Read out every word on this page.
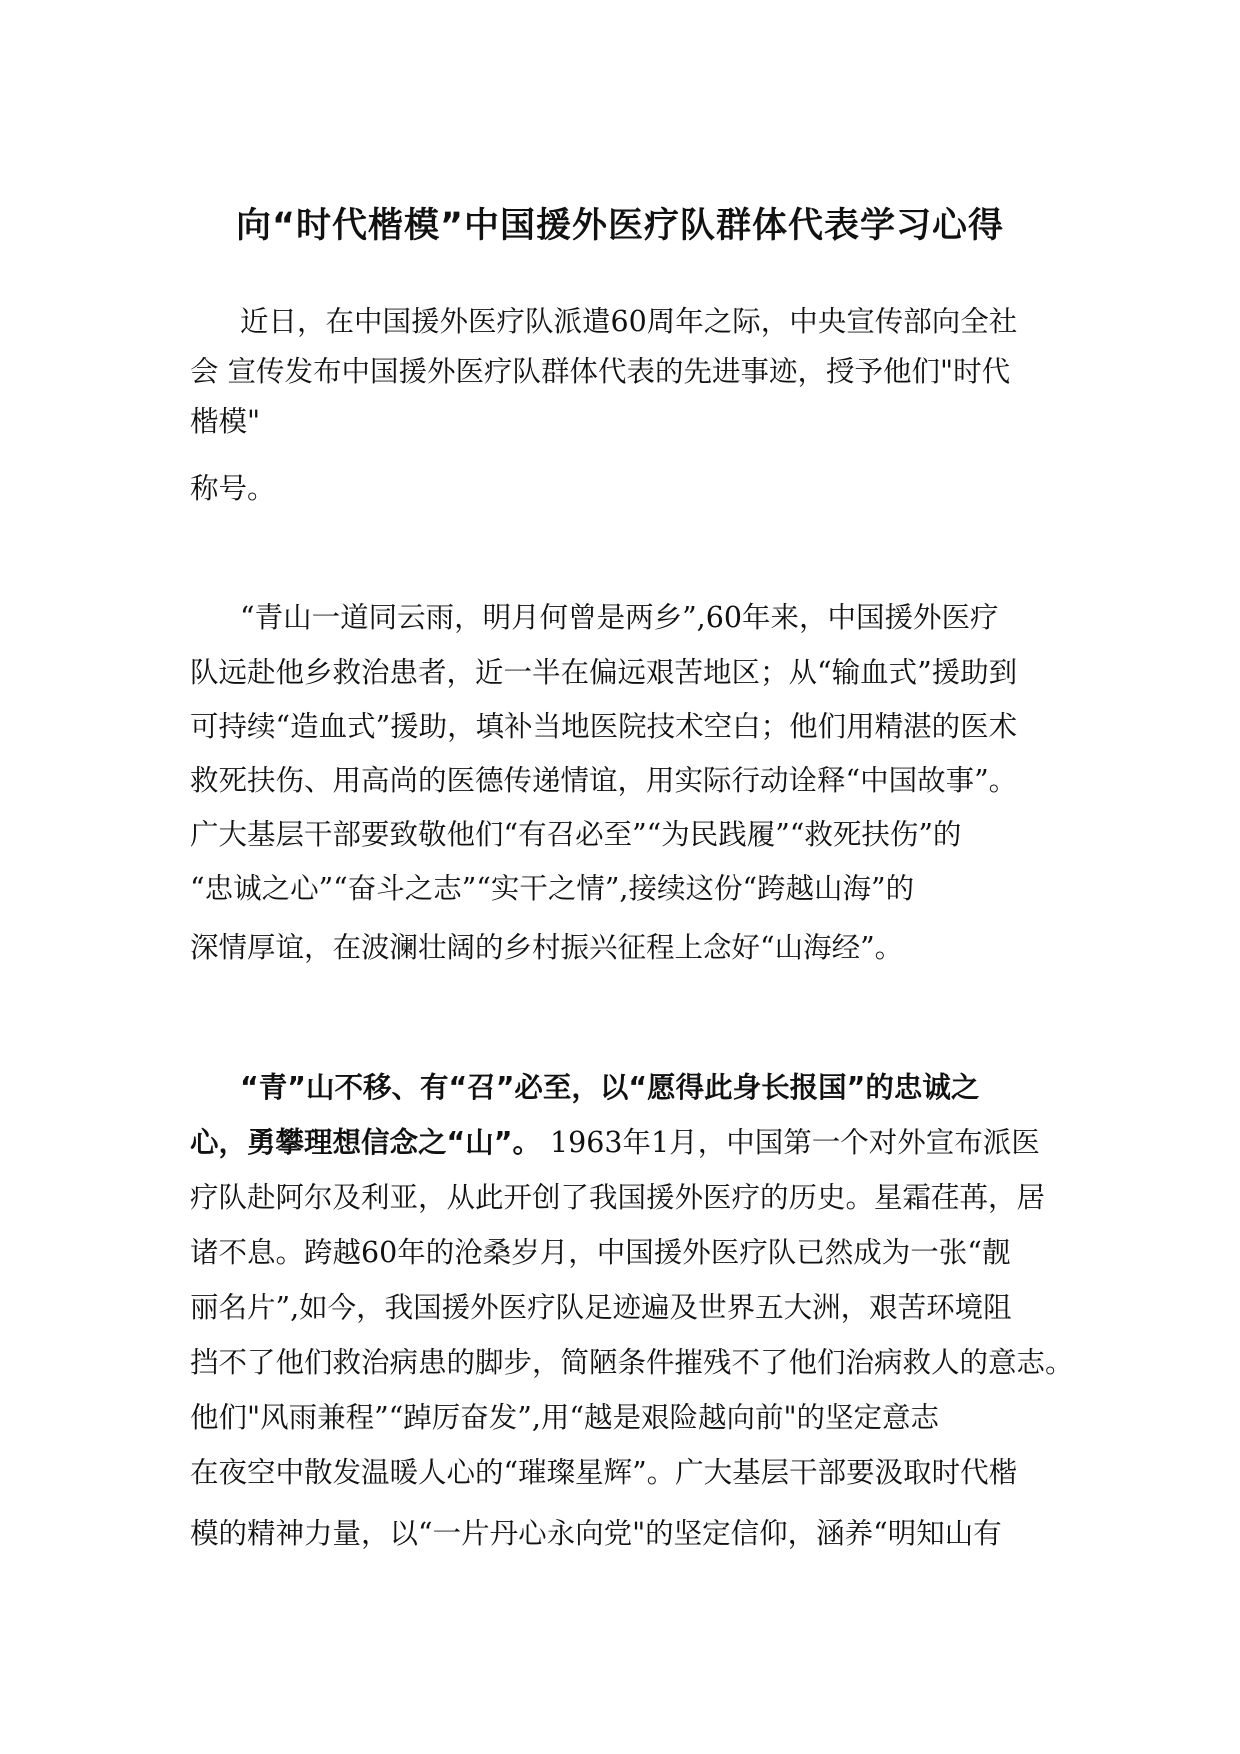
向“时代楷模”中国援外医疗队群体代表学习心得

近日，在中国援外医疗队派遣60周年之际，中央宣传部向全社

会 宣传发布中国援外医疗队群体代表的先进事迹，授予他们"时代

楷模"

称号。

“青山一道同云雨，明月何曾是两乡”,60年来，中国援外医疗

队远赴他乡救治患者，近一半在偏远艰苦地区；从“输血式”援助到

可持续“造血式”援助，填补当地医院技术空白；他们用精湛的医术

救死扶伤、用高尚的医德传递情谊，用实际行动诠释“中国故事”。

广大基层干部要致敬他们“有召必至”“为民践履”“救死扶伤”的

“忠诚之心”“奋斗之志”“实干之情”,接续这份“跨越山海”的

深情厚谊，在波澜壮阔的乡村振兴征程上念好“山海经”。

“青”山不移、有“召”必至，以“愿得此身长报国”的忠诚之

心，勇攀理想信念之“山”。 1963年1月，中国第一个对外宣布派医

疗队赴阿尔及利亚，从此开创了我国援外医疗的历史。星霜荏苒，居

诸不息。跨越60年的沧桑岁月，中国援外医疗队已然成为一张“靓

丽名片”,如今，我国援外医疗队足迹遍及世界五大洲，艰苦环境阻

挡不了他们救治病患的脚步，简陋条件摧残不了他们治病救人的意志。

他们"风雨兼程”“踔厉奋发”,用“越是艰险越向前"的坚定意志

在夜空中散发温暖人心的“璀璨星辉”。广大基层干部要汲取时代楷

模的精神力量，以“一片丹心永向党"的坚定信仰，涵养“明知山有
